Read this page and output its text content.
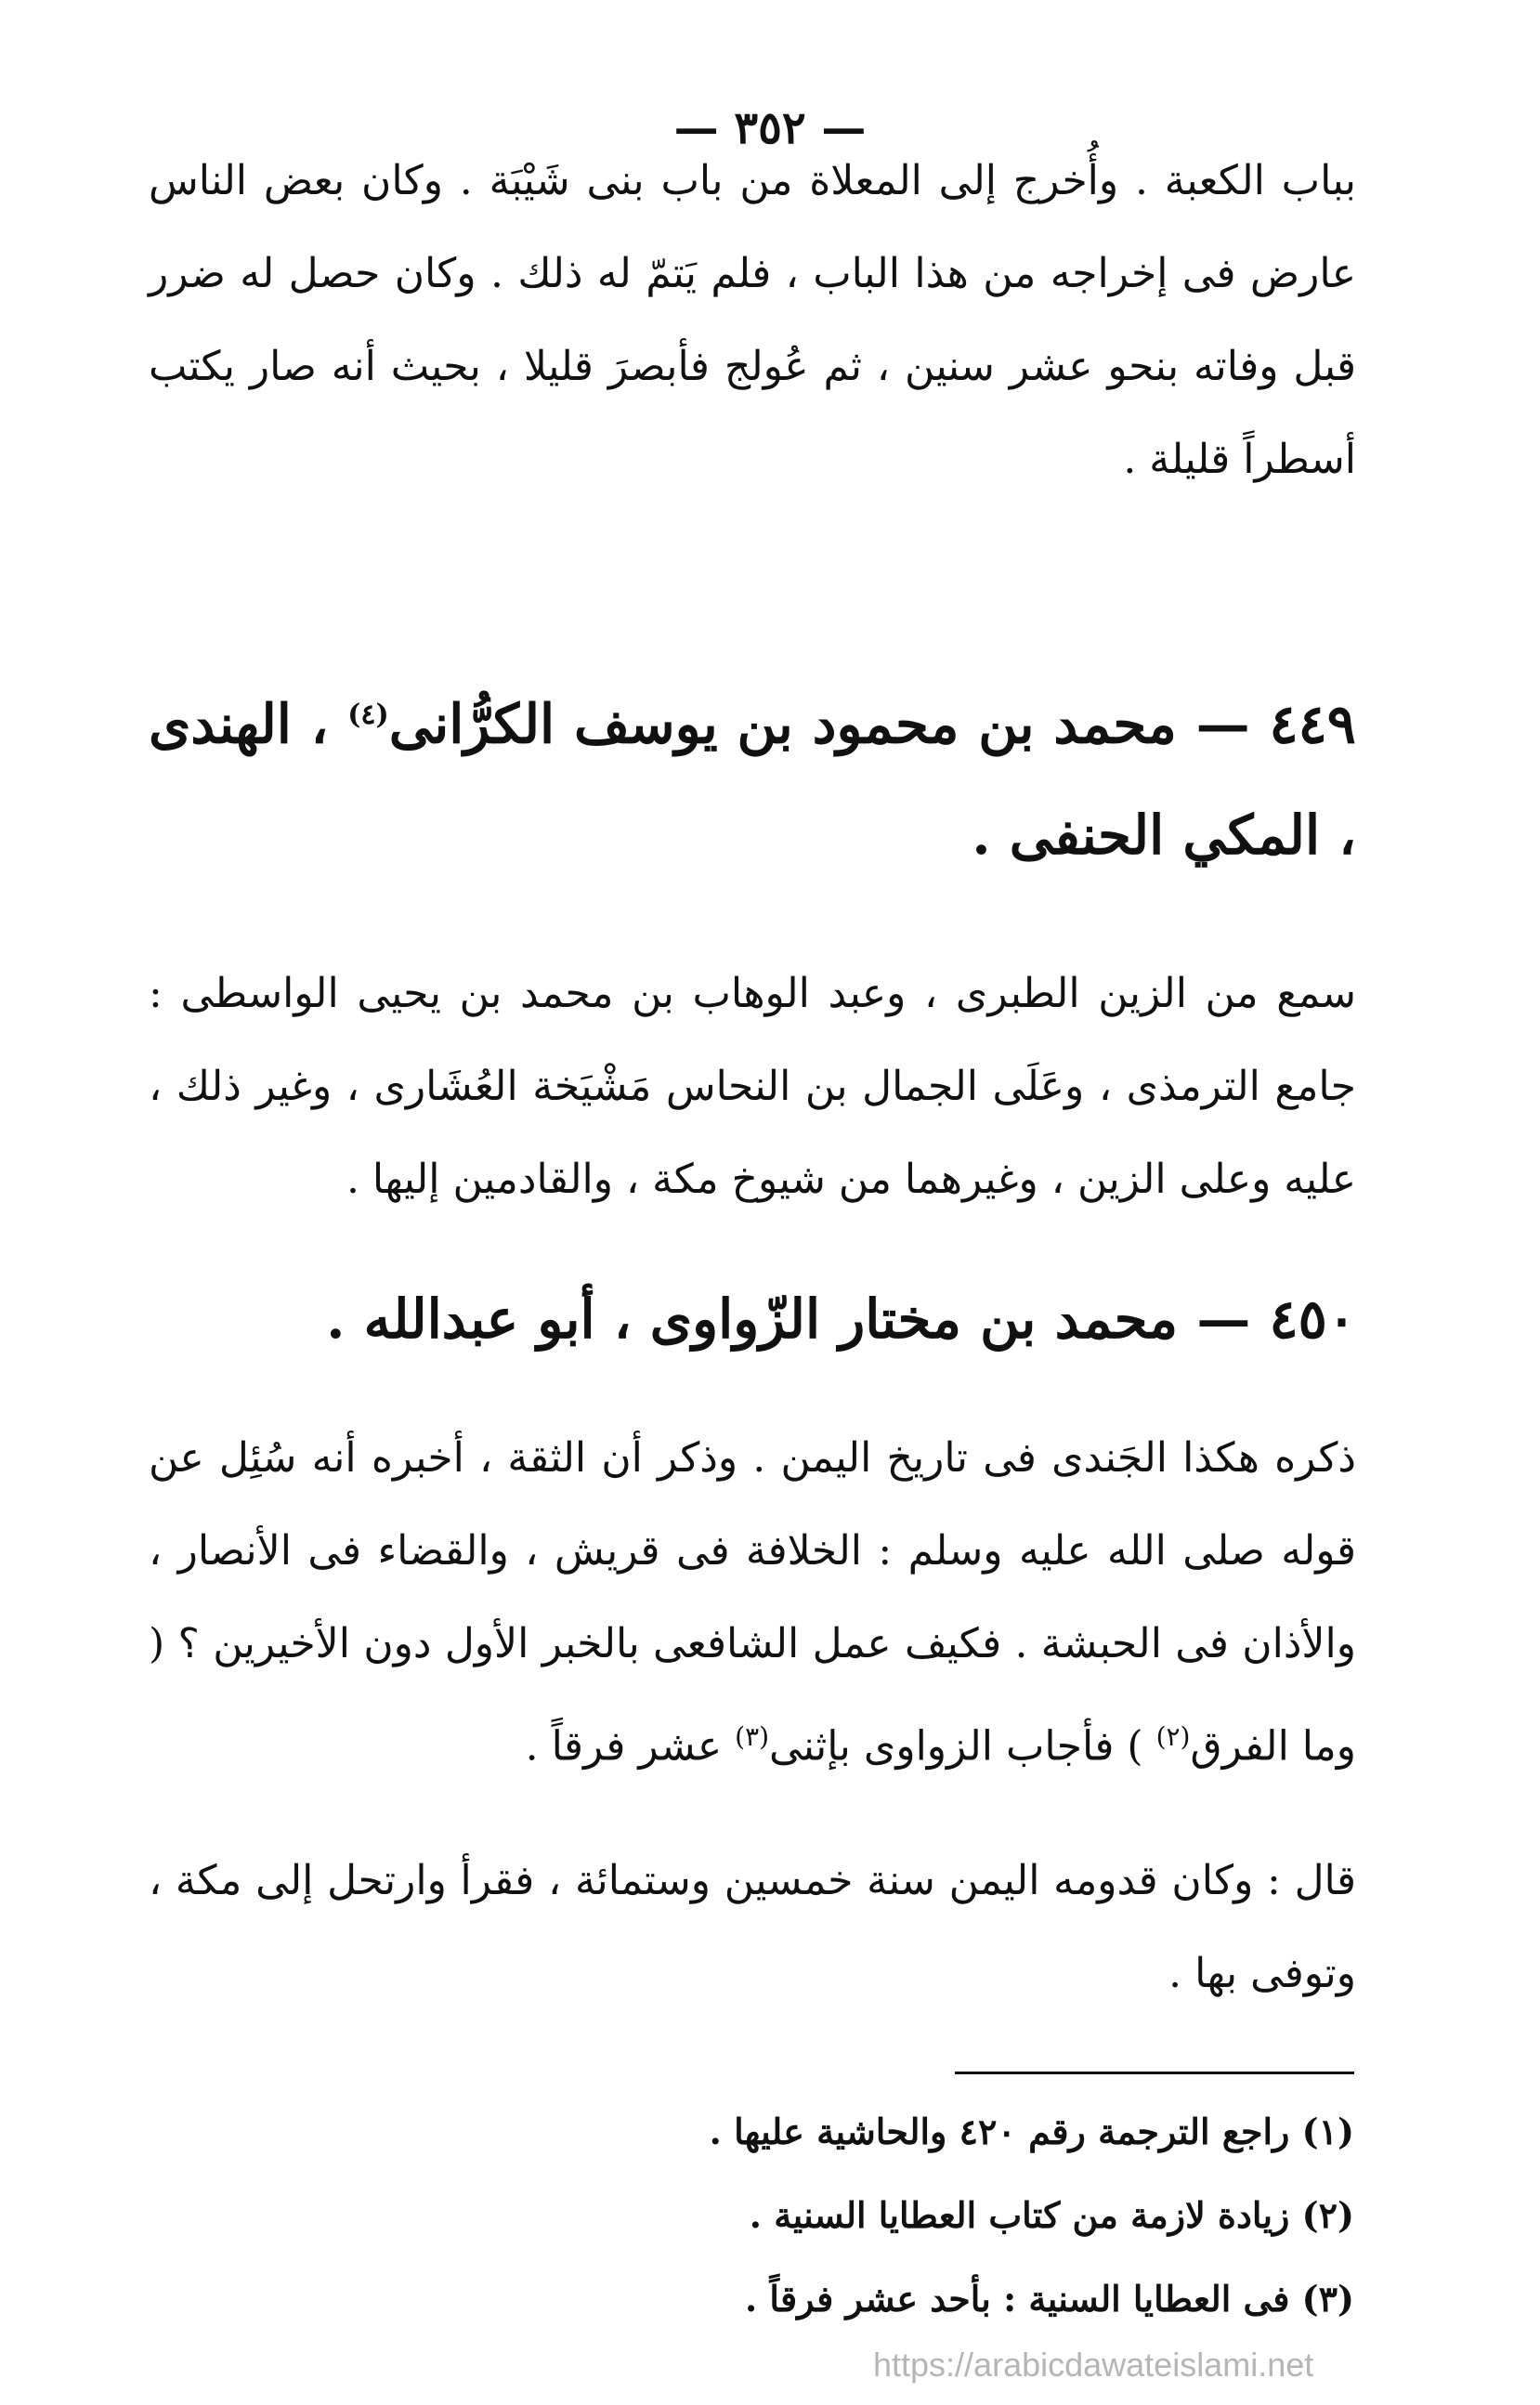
— ٣٥٢ —

بباب الكعبة . وأُخرج إلى المعلاة من باب بنى شَيْبَة . وكان بعض الناس عارض فى إخراجه من هذا الباب ، فلم يَتمّ له ذلك . وكان حصل له ضرر قبل وفاته بنحو عشر سنين ، ثم عُولج فأبصرَ قليلا ، بحيث أنه صار يكتب أسطراً قليلة .

٤٤٩ — محمد بن محمود بن يوسف الكرُّانى$^{(٤)}$ ، الهندى ، المكي الحنفى .

سمع من الزين الطبرى ، وعبد الوهاب بن محمد بن يحيى الواسطى : جامع الترمذى ، وعَلَى الجمال بن النحاس مَشْيَخة العُشَارى ، وغير ذلك ، عليه وعلى الزين ، وغيرهما من شيوخ مكة ، والقادمين إليها .

٤٥٠ — محمد بن مختار الزّواوى ، أبو عبدالله .

ذكره هكذا الجَندى فى تاريخ اليمن . وذكر أن الثقة ، أخبره أنه سُئِل عن قوله صلى الله عليه وسلم : الخلافة فى قريش ، والقضاء فى الأنصار ، والأذان فى الحبشة . فكيف عمل الشافعى بالخبر الأول دون الأخيرين ؟ ( وما الفرق$^{(٢)}$ ) فأجاب الزواوى بإثنى$^{(٣)}$ عشر فرقاً .

قال : وكان قدومه اليمن سنة خمسين وستمائة ، فقرأ وارتحل إلى مكة ، وتوفى بها .

(١) راجع الترجمة رقم ٤٢٠ والحاشية عليها .

(٢) زيادة لازمة من كتاب العطايا السنية .

(٣) فى العطايا السنية : بأحد عشر فرقاً .

https://arabicdawateislami.net
